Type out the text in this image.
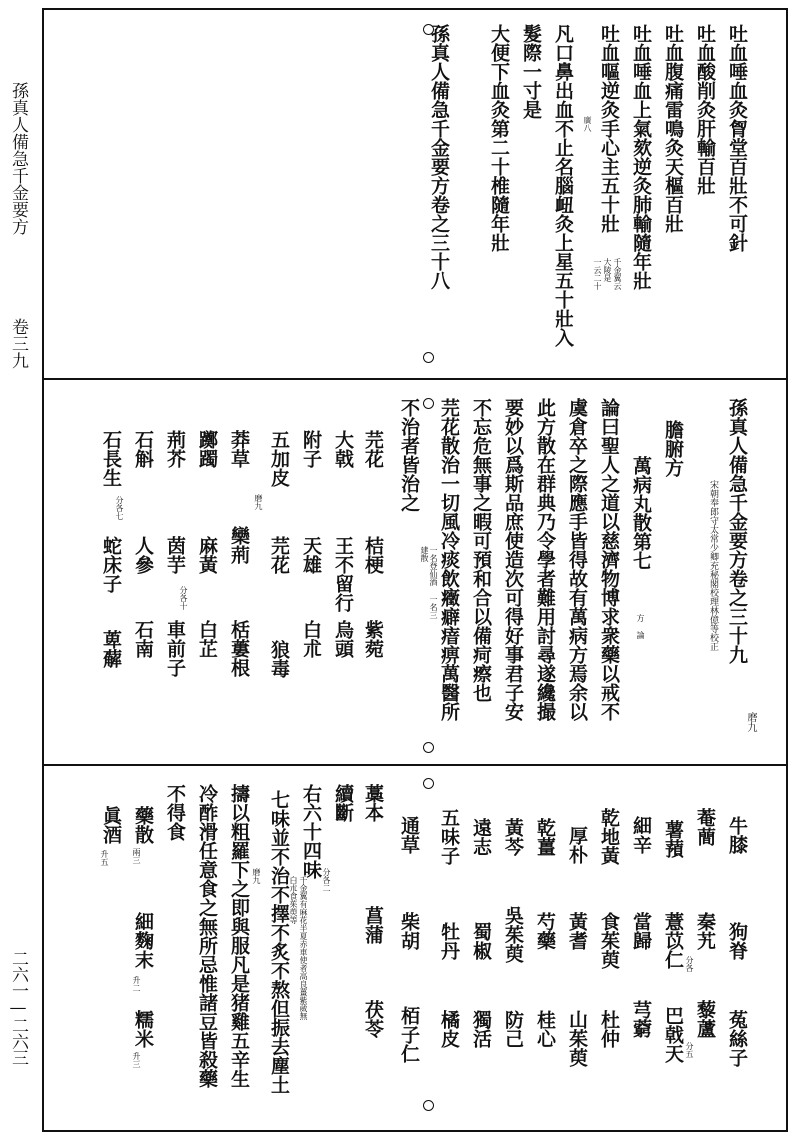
孫真人備急千金要方
卷三九
二六一—二六三
吐血唾血灸胷堂百壯不可針
吐血酸削灸肝輸百壯
吐血腹痛雷鳴灸天樞百壯
吐血唾血上氣欬逆灸肺輸隨年壯
吐血嘔逆灸手心主五十壯
千金翼云
大陵是
一云二十
廣八
凡口鼻出血不止名腦衄灸上星五十壯入
髮際一寸是
大便下血灸第二十椎隨年壯
孫真人備急千金要方卷之三十八
孫真人備急千金要方卷之三十九
磨九
宋朝奉郎守太常少卿充秘閣校理林億等校正
膽腑方
萬病丸散第七
方 論
論曰聖人之道以慈濟物博求衆藥以戒不
虞倉卒之際應手皆得故有萬病方焉余以
此方散在群典乃令學者難用討尋遂纔撮
要妙以爲斯品庶使造次可得好事君子安
不忘危無事之暇可預和合以備疴瘵也
芫花散治一切風冷痰飲癥癖瘖痹萬醫所
不治者皆治之
一名登仙酒 一名三建散
芫花
桔梗
紫菀
大戟
王不留行
烏頭
附子
天雄
白朮
五加皮
芫花
狼毒
磨九
莽草
欒荊
栝蔞根
躑躅
麻黃
白芷
荊芥
茵芋
車前子
分各十
石斛
人參
石南
石長生
蛇床子
萆薢
分各七
牛膝
狗脊
菟絲子
菴蕳
秦艽
藜蘆
分各
分五
薯蕷
薏苡仁
巴戟天
細辛
當歸
芎藭
乾地黃
食茱萸
杜仲
厚朴
黃耆
山茱萸
乾薑
芍藥
桂心
黃芩
吳茱萸
防己
遠志
蜀椒
獨活
五味子
牡丹
橘皮
通草
柴胡
栢子仁
藁本
菖蒲
茯苓
續斷
分各二
右六十四味
千金翼有麻花半夏赤車使者高良薑紫葳無白朮食茱萸等
七味並不治不擇不炙不熬但振去塵土
磨九
擣以粗羅下之即與服凡是猪雞五辛生
冷酢滑任意食之無所忌惟諸豆皆殺藥
不得食
藥散
兩三
細麴末
升二
糯米
升三
眞酒
升五
